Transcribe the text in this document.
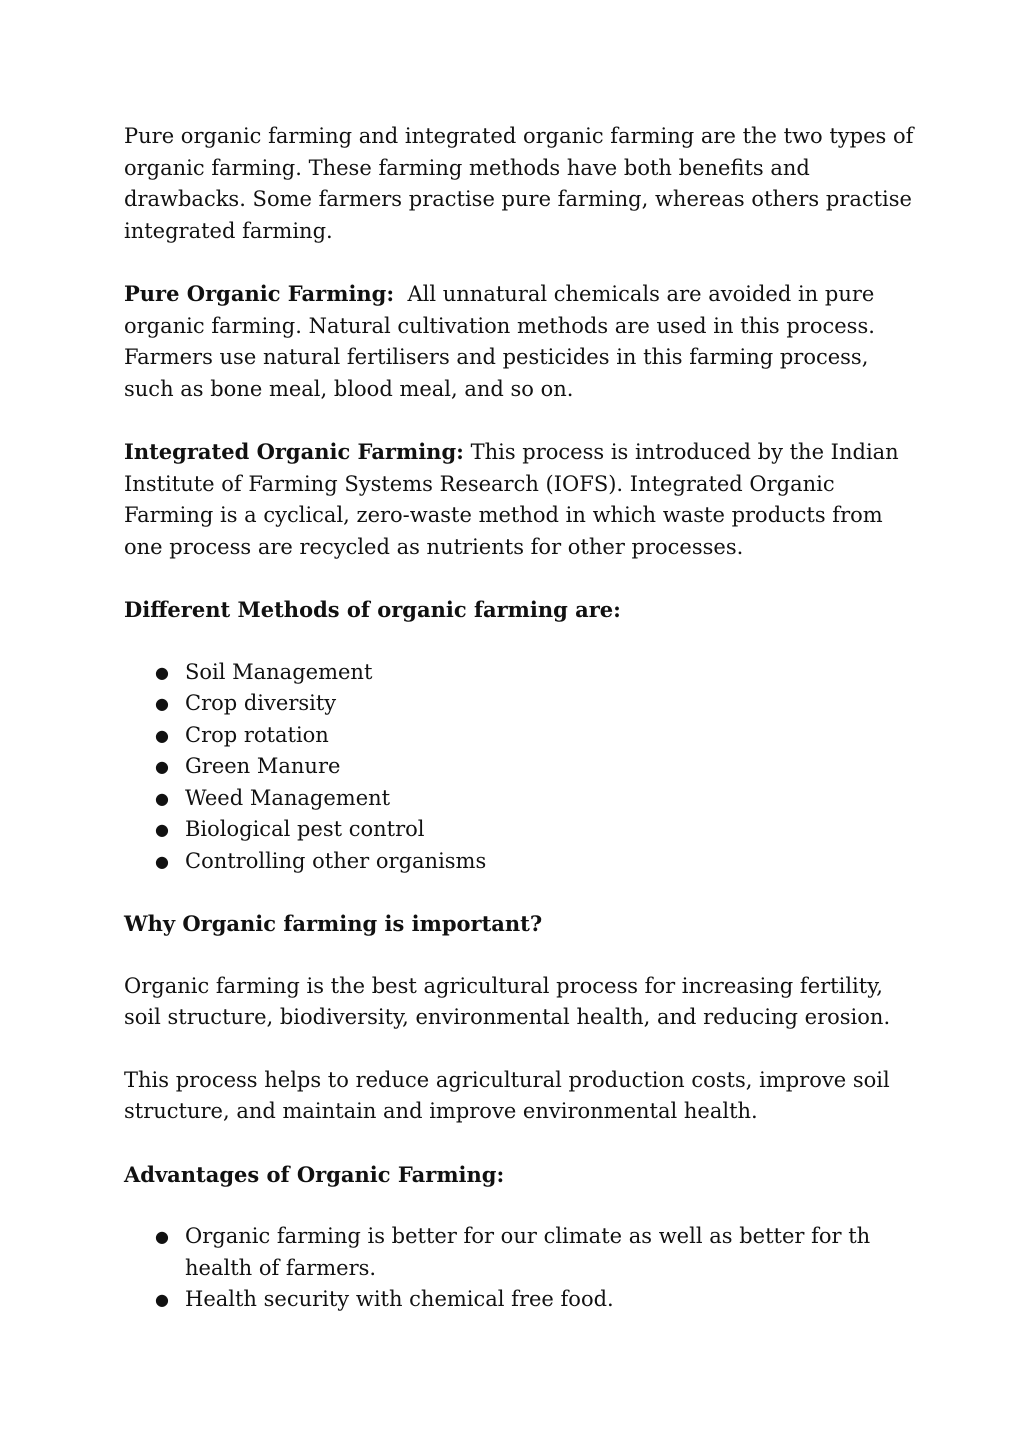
Pure organic farming and integrated organic farming are the two types of organic farming. These farming methods have both benefits and drawbacks. Some farmers practise pure farming, whereas others practise integrated farming.

Pure Organic Farming: All unnatural chemicals are avoided in pure organic farming. Natural cultivation methods are used in this process. Farmers use natural fertilisers and pesticides in this farming process, such as bone meal, blood meal, and so on.

Integrated Organic Farming: This process is introduced by the Indian Institute of Farming Systems Research (IOFS). Integrated Organic Farming is a cyclical, zero-waste method in which waste products from one process are recycled as nutrients for other processes.

Different Methods of organic farming are:

● Soil Management
● Crop diversity
● Crop rotation
● Green Manure
● Weed Management
● Biological pest control
● Controlling other organisms

Why Organic farming is important?

Organic farming is the best agricultural process for increasing fertility, soil structure, biodiversity, environmental health, and reducing erosion.

This process helps to reduce agricultural production costs, improve soil structure, and maintain and improve environmental health.

Advantages of Organic Farming:

● Organic farming is better for our climate as well as better for th health of farmers.
● Health security with chemical free food.
